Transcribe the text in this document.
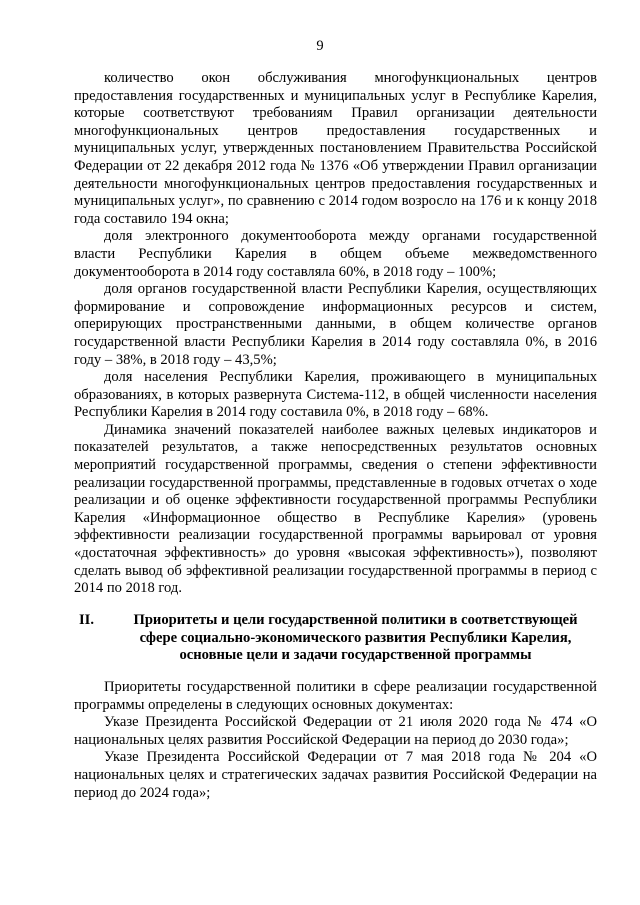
9

количество окон обслуживания многофункциональных центров предоставления государственных и муниципальных услуг в Республике Карелия, которые соответствуют требованиям Правил организации деятельности многофункциональных центров предоставления государственных и муниципальных услуг, утвержденных постановлением Правительства Российской Федерации от 22 декабря 2012 года № 1376 «Об утверждении Правил организации деятельности многофункциональных центров предоставления государственных и муниципальных услуг», по сравнению с 2014 годом возросло на 176 и к концу 2018 года составило 194 окна;

доля электронного документооборота между органами государственной власти Республики Карелия в общем объеме межведомственного документооборота в 2014 году составляла 60%, в 2018 году – 100%;

доля органов государственной власти Республики Карелия, осуществляющих формирование и сопровождение информационных ресурсов и систем, оперирующих пространственными данными, в общем количестве органов государственной власти Республики Карелия в 2014 году составляла 0%, в 2016 году – 38%, в 2018 году – 43,5%;

доля населения Республики Карелия, проживающего в муниципальных образованиях, в которых развернута Система-112, в общей численности населения Республики Карелия в 2014 году составила 0%, в 2018 году – 68%.

Динамика значений показателей наиболее важных целевых индикаторов и показателей результатов, а также непосредственных результатов основных мероприятий государственной программы, сведения о степени эффективности реализации государственной программы, представленные в годовых отчетах о ходе реализации и об оценке эффективности государственной программы Республики Карелия «Информационное общество в Республике Карелия» (уровень эффективности реализации государственной программы варьировал от уровня «достаточная эффективность» до уровня «высокая эффективность»), позволяют сделать вывод об эффективной реализации государственной программы в период с 2014 по 2018 год.

II.	Приоритеты и цели государственной политики в соответствующей сфере социально-экономического развития Республики Карелия, основные цели и задачи государственной программы

Приоритеты государственной политики в сфере реализации государственной программы определены в следующих основных документах:

Указе Президента Российской Федерации от 21 июля 2020 года № 474 «О национальных целях развития Российской Федерации на период до 2030 года»;

Указе Президента Российской Федерации от 7 мая 2018 года № 204 «О национальных целях и стратегических задачах развития Российской Федерации на период до 2024 года»;
